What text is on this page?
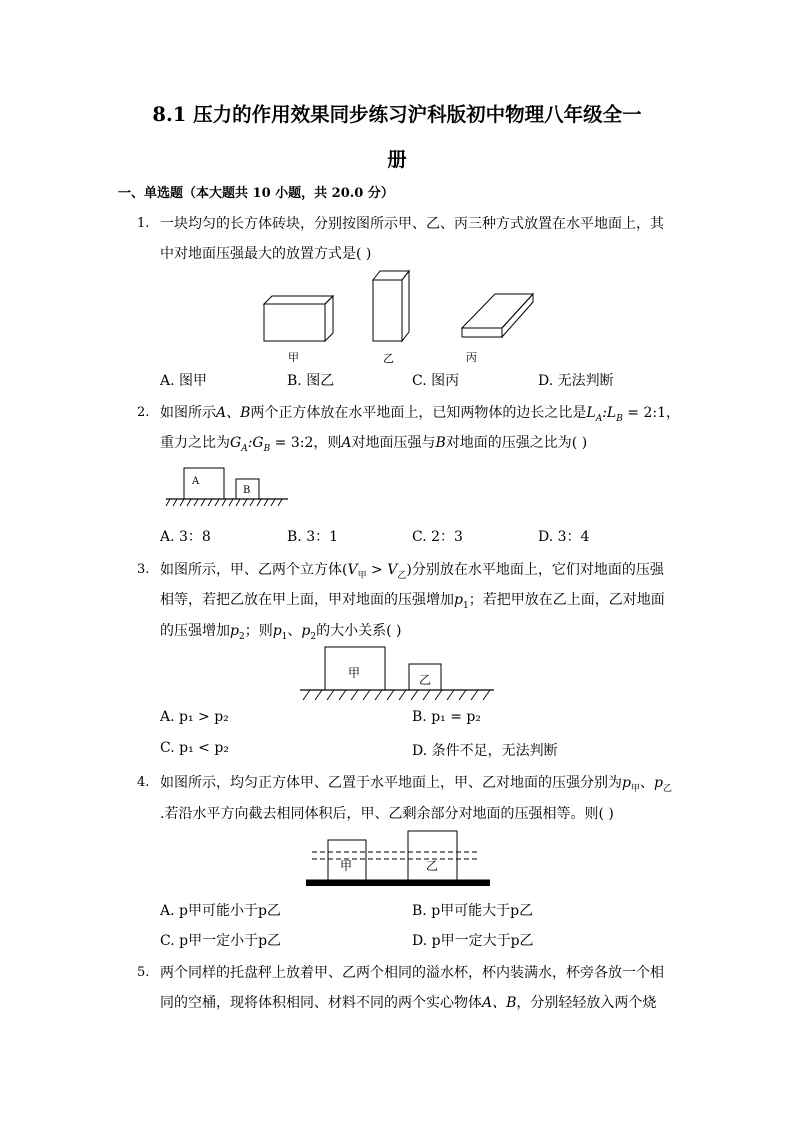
8.1 压力的作用效果同步练习沪科版初中物理八年级全一
册
一、单选题（本大题共 10 小题，共 20.0 分）
1. 一块均匀的长方体砖块，分别按图所示甲、乙、丙三种方式放置在水平地面上，其
中对地面压强最大的放置方式是( )
甲	乙	丙
A. 图甲	B. 图乙	C. 图丙	D. 无法判断
2. 如图所示A、B两个正方体放在水平地面上，已知两物体的边长之比是$L_A:L_B$ = 2:1，
重力之比为$G_A:G_B$ = 3:2，则A对地面压强与B对地面的压强之比为( )
A
B
A. 3：8	B. 3：1	C. 2：3	D. 3：4
3. 如图所示，甲、乙两个立方体$(V_甲 > V_乙)$分别放在水平地面上，它们对地面的压强
相等，若把乙放在甲上面，甲对地面的压强增加$p_1$；若把甲放在乙上面，乙对地面
的压强增加$p_2$；则$p_1$、$p_2$的大小关系( )
甲	乙
A. p₁ > p₂	B. p₁ = p₂
C. p₁ < p₂	D. 条件不足，无法判断
4. 如图所示，均匀正方体甲、乙置于水平地面上，甲、乙对地面的压强分别为$p_甲$、$p_乙$
.若沿水平方向截去相同体积后，甲、乙剩余部分对地面的压强相等。则( )
甲	乙
A. p甲可能小于p乙	B. p甲可能大于p乙
C. p甲一定小于p乙	D. p甲一定大于p乙
5. 两个同样的托盘秤上放着甲、乙两个相同的溢水杯，杯内装满水，杯旁各放一个相
同的空桶，现将体积相同、材料不同的两个实心物体A、B，分别轻轻放入两个烧
